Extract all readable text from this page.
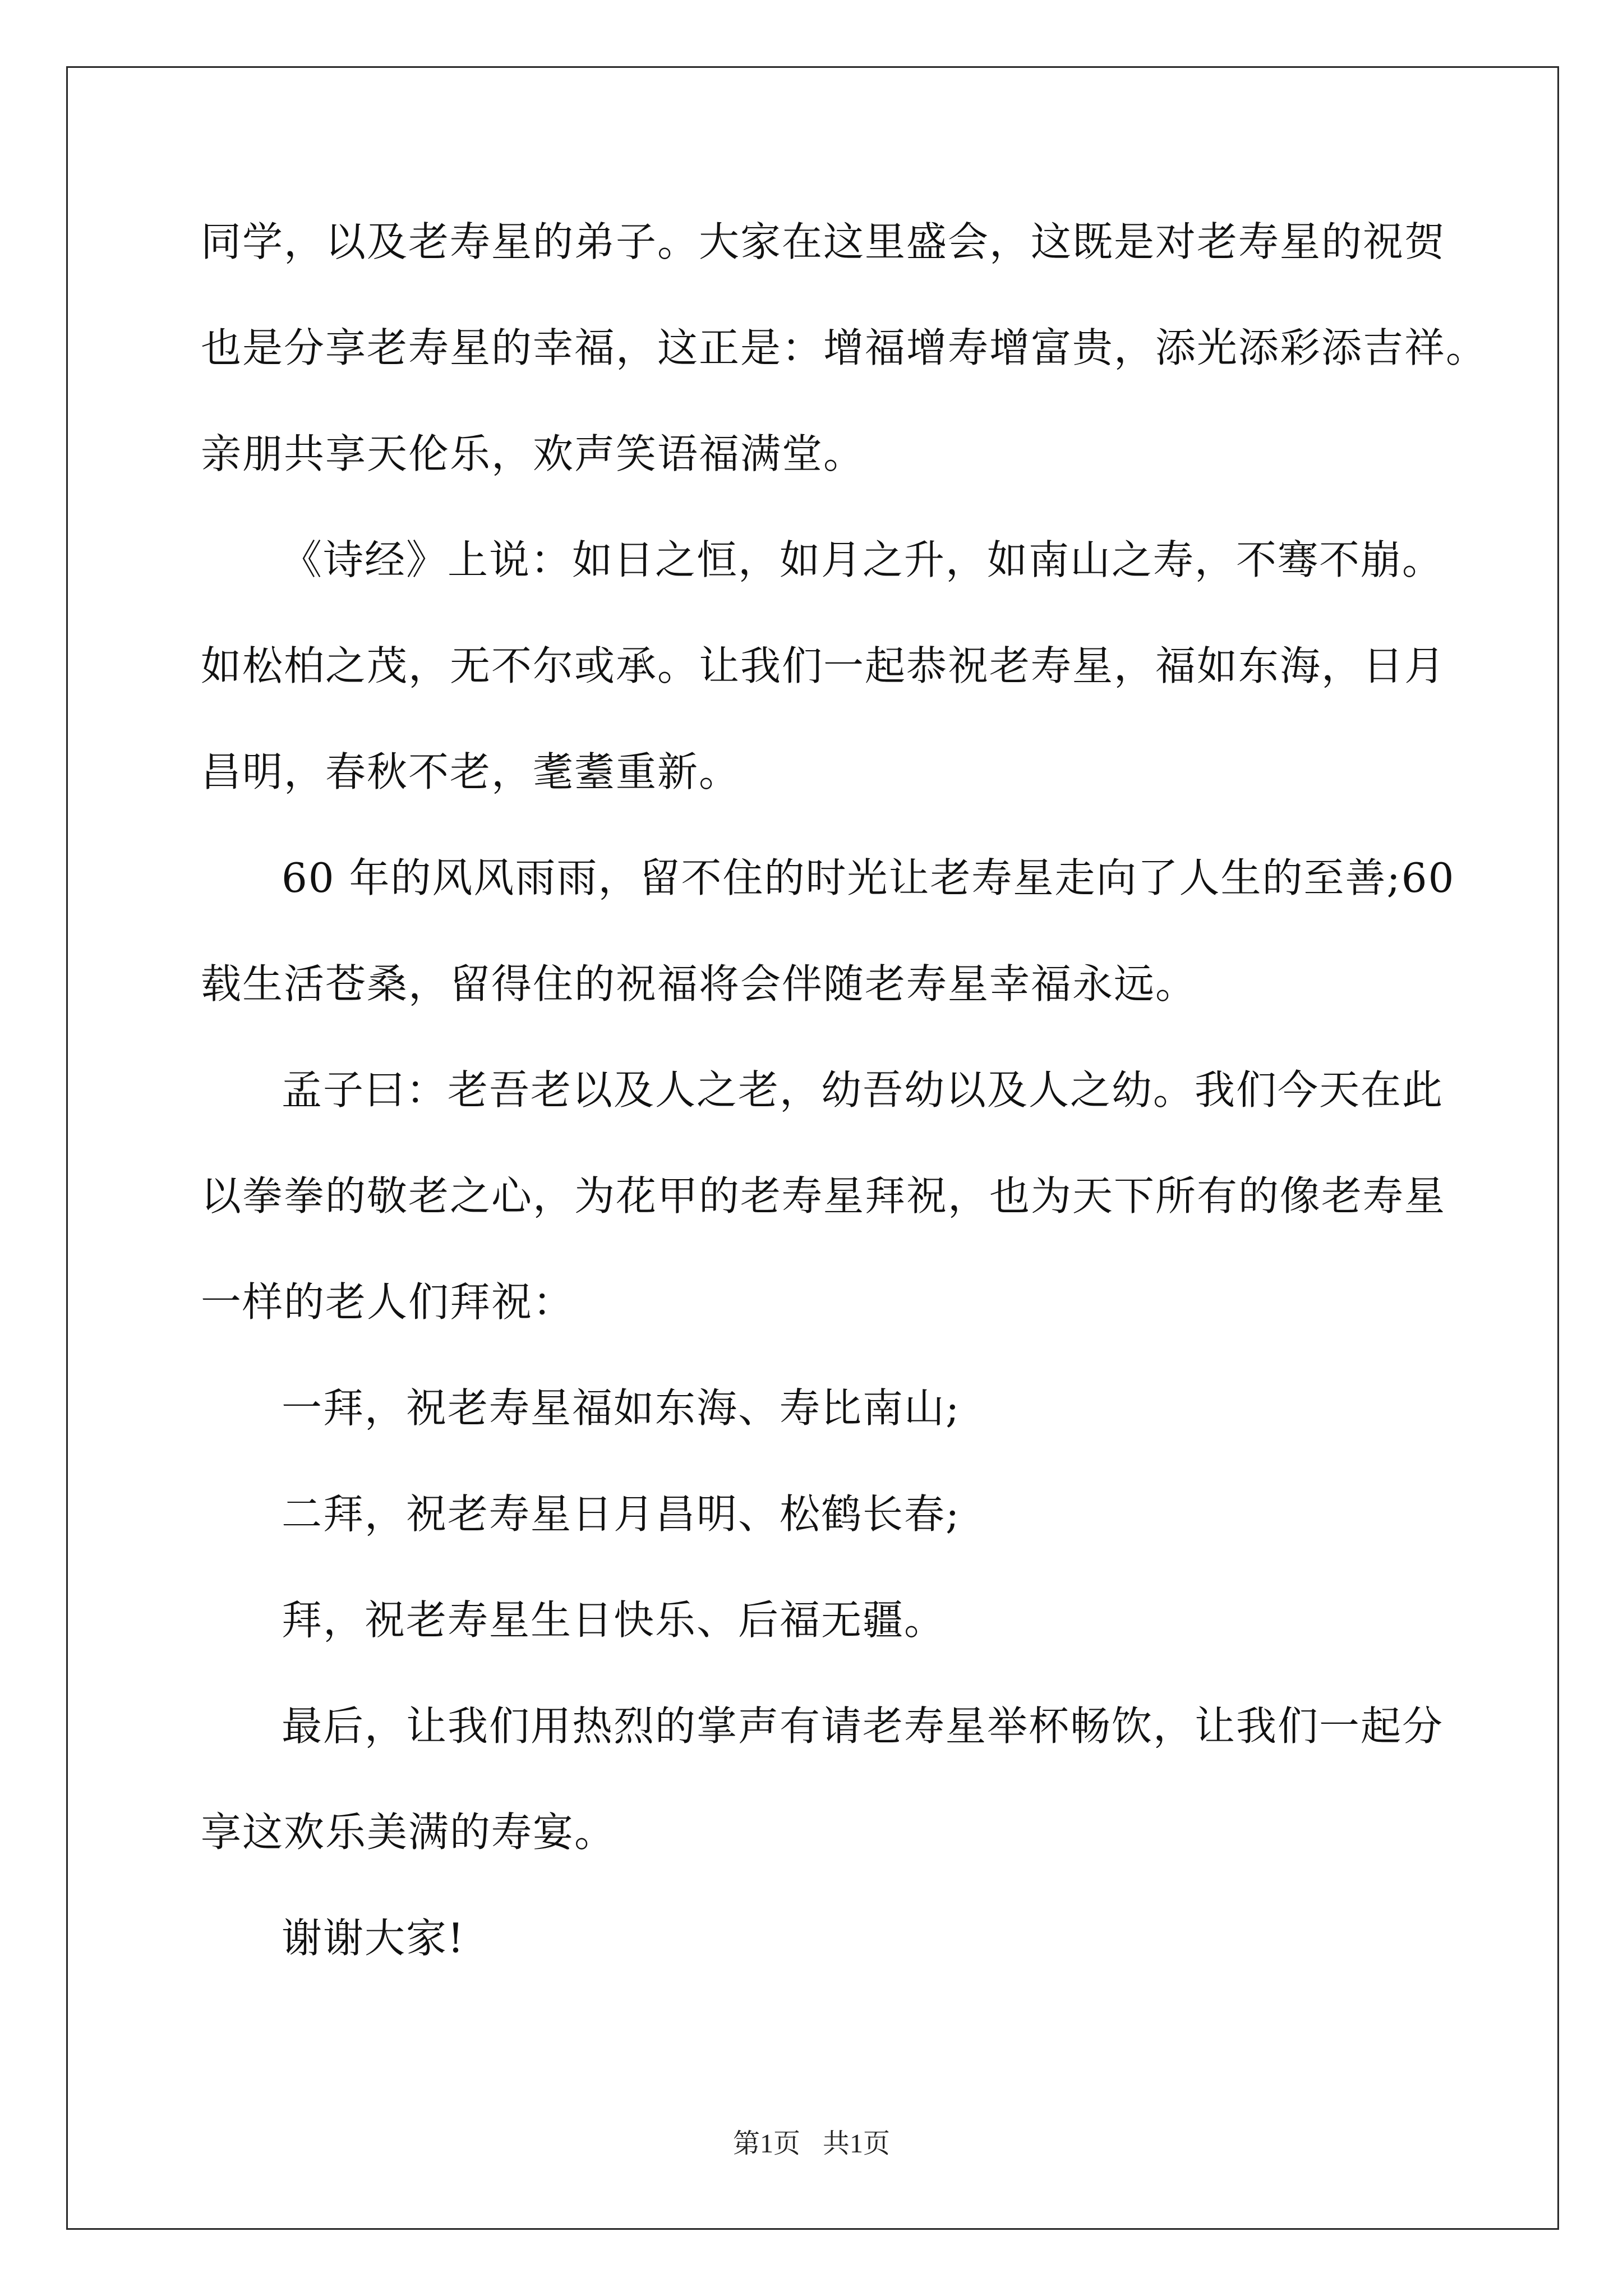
同学，以及老寿星的弟子。大家在这里盛会，这既是对老寿星的祝贺
也是分享老寿星的幸福，这正是：增福增寿增富贵，添光添彩添吉祥。
亲朋共享天伦乐，欢声笑语福满堂。
《诗经》上说：如日之恒，如月之升，如南山之寿，不骞不崩。
如松柏之茂，无不尔或承。让我们一起恭祝老寿星，福如东海，日月
昌明，春秋不老，耄耋重新。
60 年的风风雨雨，留不住的时光让老寿星走向了人生的至善;60
载生活苍桑，留得住的祝福将会伴随老寿星幸福永远。
孟子曰：老吾老以及人之老，幼吾幼以及人之幼。我们今天在此
以拳拳的敬老之心，为花甲的老寿星拜祝，也为天下所有的像老寿星
一样的老人们拜祝：
一拜，祝老寿星福如东海、寿比南山;
二拜，祝老寿星日月昌明、松鹤长春;
拜，祝老寿星生日快乐、后福无疆。
最后，让我们用热烈的掌声有请老寿星举杯畅饮，让我们一起分
享这欢乐美满的寿宴。
谢谢大家!
第1页 共1页
